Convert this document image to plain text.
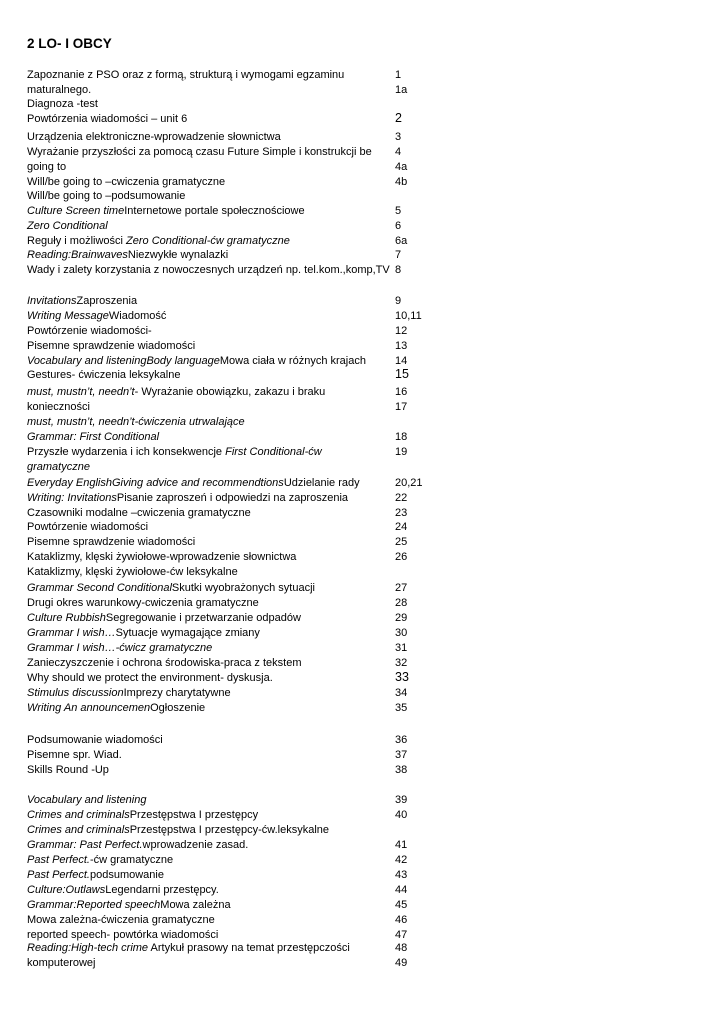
2 LO- I OBCY
Zapoznanie z PSO oraz z formą, strukturą i wymogami egzaminu	1
maturalnego.	1a
Diagnoza -test
Powtórzenia wiadomości – unit 6	2
Urządzenia elektroniczne-wprowadzenie słownictwa	3
Wyrażanie przyszłości za pomocą czasu Future Simple i konstrukcji be	4
going to	4a
Will/be going to –cwiczenia gramatyczne	4b
Will/be going to –podsumowanie
Culture Screen timeInternetowe portale społecznościowe	5
Zero Conditional	6
Reguły i możliwości Zero Conditional-ćw gramatyczne	6a
Reading:BrainwavesNiezwykłe wynalazki	7
Wady i zalety korzystania z nowoczesnych urządzeń np. tel.kom.,komp,TV 8
InvitationsZaproszenia	9
Writing MessageWiadomość	10,11
Powtórzenie wiadomości-	12
Pisemne sprawdzenie wiadomości	13
Vocabulary and listeningBody languageMowa ciała w różnych krajach	14
Gestures- ćwiczenia leksykalne	15
must, mustn’t, needn’t- Wyrażanie obowiązku, zakazu i braku	16
konieczności	17
must, mustn’t, needn’t-ćwiczenia utrwalające
Grammar: First Conditional	18
Przyszłe wydarzenia i ich konsekwencje First Conditional-ćw	19
gramatyczne
Everyday EnglishGiving advice and recommendtionsUdzielanie rady	20,21
Writing: InvitationsPisanie zaproszeń i odpowiedzi na zaproszenia	22
Czasowniki modalne –cwiczenia gramatyczne	23
Powtórzenie wiadomości	24
Pisemne sprawdzenie wiadomości	25
Kataklizmy, klęski żywiołowe-wprowadzenie słownictwa	26
Kataklizmy, klęski żywiołowe-ćw leksykalne
Grammar Second ConditionalSkutki wyobrażonych sytuacji	27
Drugi okres warunkowy-cwiczenia gramatyczne	28
Culture RubbishSegregowanie i przetwarzanie odpadów	29
Grammar I wish…Sytuacje wymagające zmiany	30
Grammar I wish…-ćwicz gramatyczne	31
Zanieczyszczenie i ochrona środowiska-praca z tekstem	32
Why should we protect the environment- dyskusja.	33
Stimulus discussionImprezy charytatywne	34
Writing An announcemenOgłoszenie	35
Podsumowanie wiadomości	36
Pisemne spr. Wiad.	37
Skills Round -Up	38
Vocabulary and listening	39
Crimes and criminalsPrzestępstwa I przestępcy	40
Crimes and criminalsPrzestępstwa I przestępcy-ćw.leksykalne
Grammar: Past Perfect.wprowadzenie zasad.	41
Past Perfect.-ćw gramatyczne	42
Past Perfect.podsumowanie	43
Culture:OutlawsLegendarni przestępcy.	44
Grammar:Reported speechMowa zależna	45
Mowa zależna-ćwiczenia gramatyczne	46
reported speech- powtórka wiadomości	47
Reading:High-tech crime Artykuł prasowy na temat przestępczości	48
komputerowej	49
